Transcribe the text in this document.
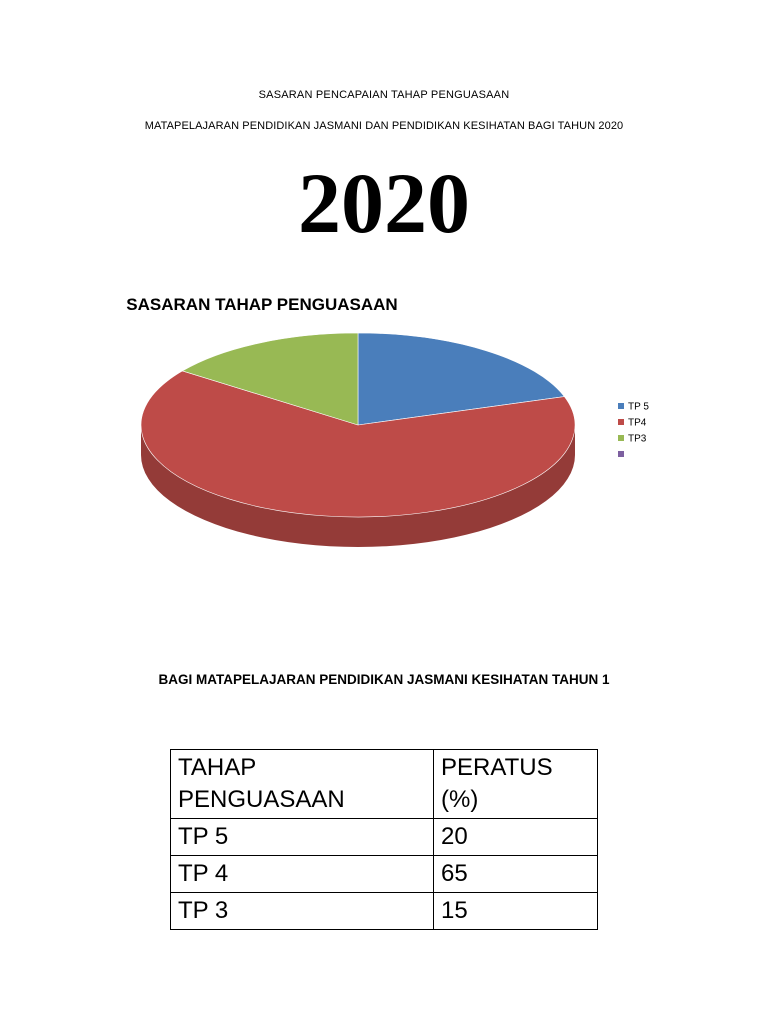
SASARAN PENCAPAIAN TAHAP PENGUASAAN
MATAPELAJARAN PENDIDIKAN JASMANI DAN PENDIDIKAN KESIHATAN BAGI TAHUN 2020
2020
SASARAN TAHAP PENGUASAAN
TP 5
TP4
TP3
BAGI MATAPELAJARAN PENDIDIKAN JASMANI KESIHATAN TAHUN 1
TAHAP PENGUASAAN	PERATUS (%)
TP 5	20
TP 4	65
TP 3	15
